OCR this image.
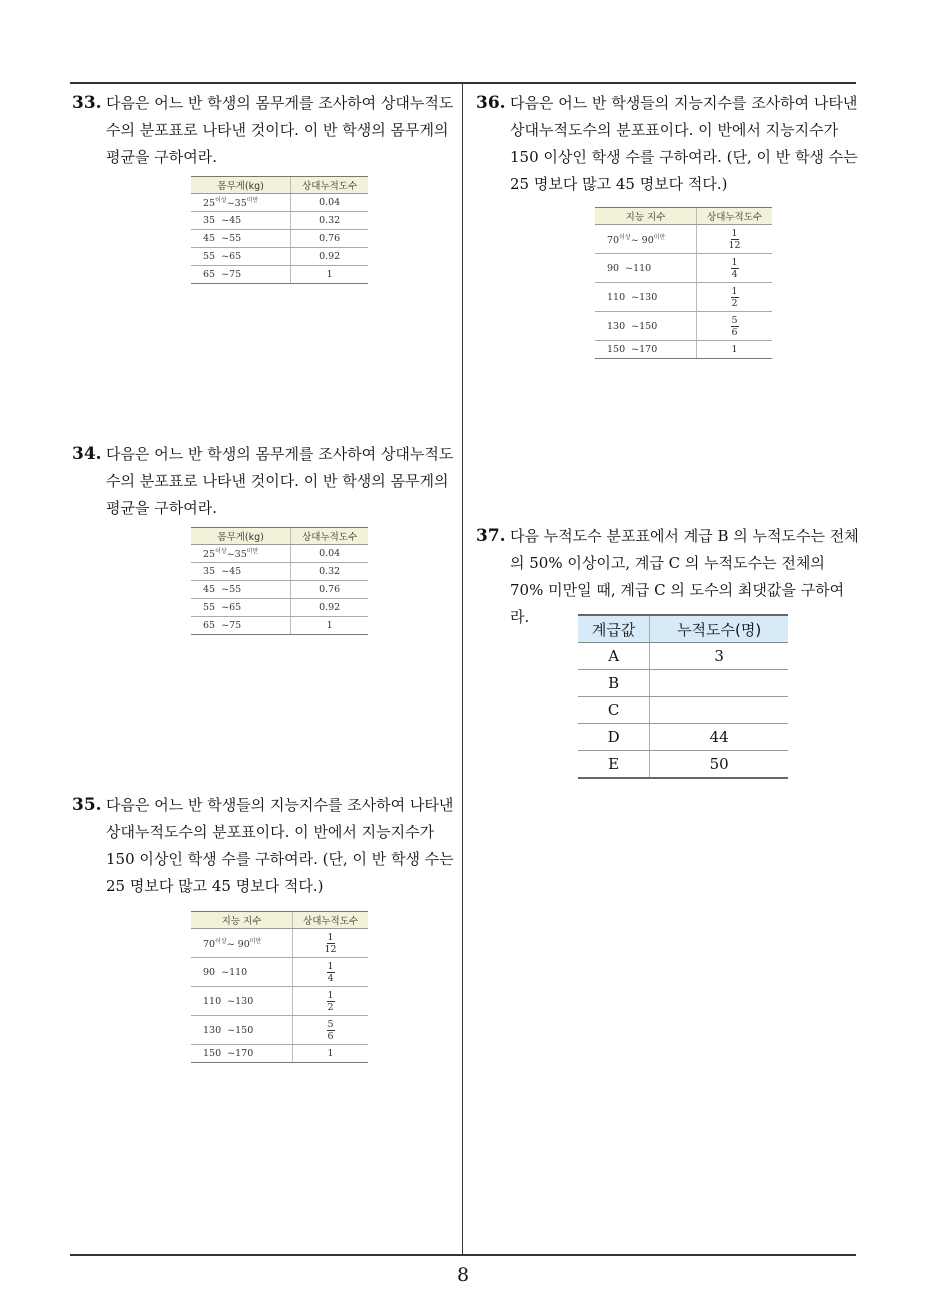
33. 다음은 어느 반 학생의 몸무게를 조사하여 상대누적도수의 분포표로 나타낸 것이다. 이 반 학생의 몸무게의 평균을 구하여라.
몸무게(kg)	상대누적도수
$25^{이상}\sim 35^{미만}$	0.04
35  ~45	0.32
45  ~55	0.76
55  ~65	0.92
65  ~75	1
34. 다음은 어느 반 학생의 몸무게를 조사하여 상대누적도수의 분포표로 나타낸 것이다. 이 반 학생의 몸무게의 평균을 구하여라.
몸무게(kg)	상대누적도수
$25^{이상}\sim 35^{미만}$	0.04
35  ~45	0.32
45  ~55	0.76
55  ~65	0.92
65  ~75	1
35. 다음은 어느 반 학생들의 지능지수를 조사하여 나타낸 상대누적도수의 분포표이다. 이 반에서 지능지수가 150 이상인 학생 수를 구하여라. (단, 이 반 학생 수는 25 명보다 많고 45 명보다 적다.)
지능 지수	상대누적도수
$70^{이상}\sim$ $90^{미만}$	$\frac{1}{12}$

90  ~110	$\frac{1}{4}$

110  ~130	$\frac{1}{2}$

130  ~150	$\frac{5}{6}$

150  ~170	1
36. 다음은 어느 반 학생들의 지능지수를 조사하여 나타낸 상대누적도수의 분포표이다. 이 반에서 지능지수가 150 이상인 학생 수를 구하여라. (단, 이 반 학생 수는 25 명보다 많고 45 명보다 적다.)
지능 지수	상대누적도수
$70^{이상}\sim$ $90^{미만}$	$\frac{1}{12}$

90  ~110	$\frac{1}{4}$

110  ~130	$\frac{1}{2}$

130  ~150	$\frac{5}{6}$

150  ~170	1
37. 다음 누적도수 분포표에서 계급 B 의 누적도수는 전체의 50% 이상이고, 계급 C 의 누적도수는 전체의 70% 미만일 때, 계급 C 의 도수의 최댓값을 구하여라.
계급값	누적도수(명)
A	3
B	
C	
D	44
E	50
8
